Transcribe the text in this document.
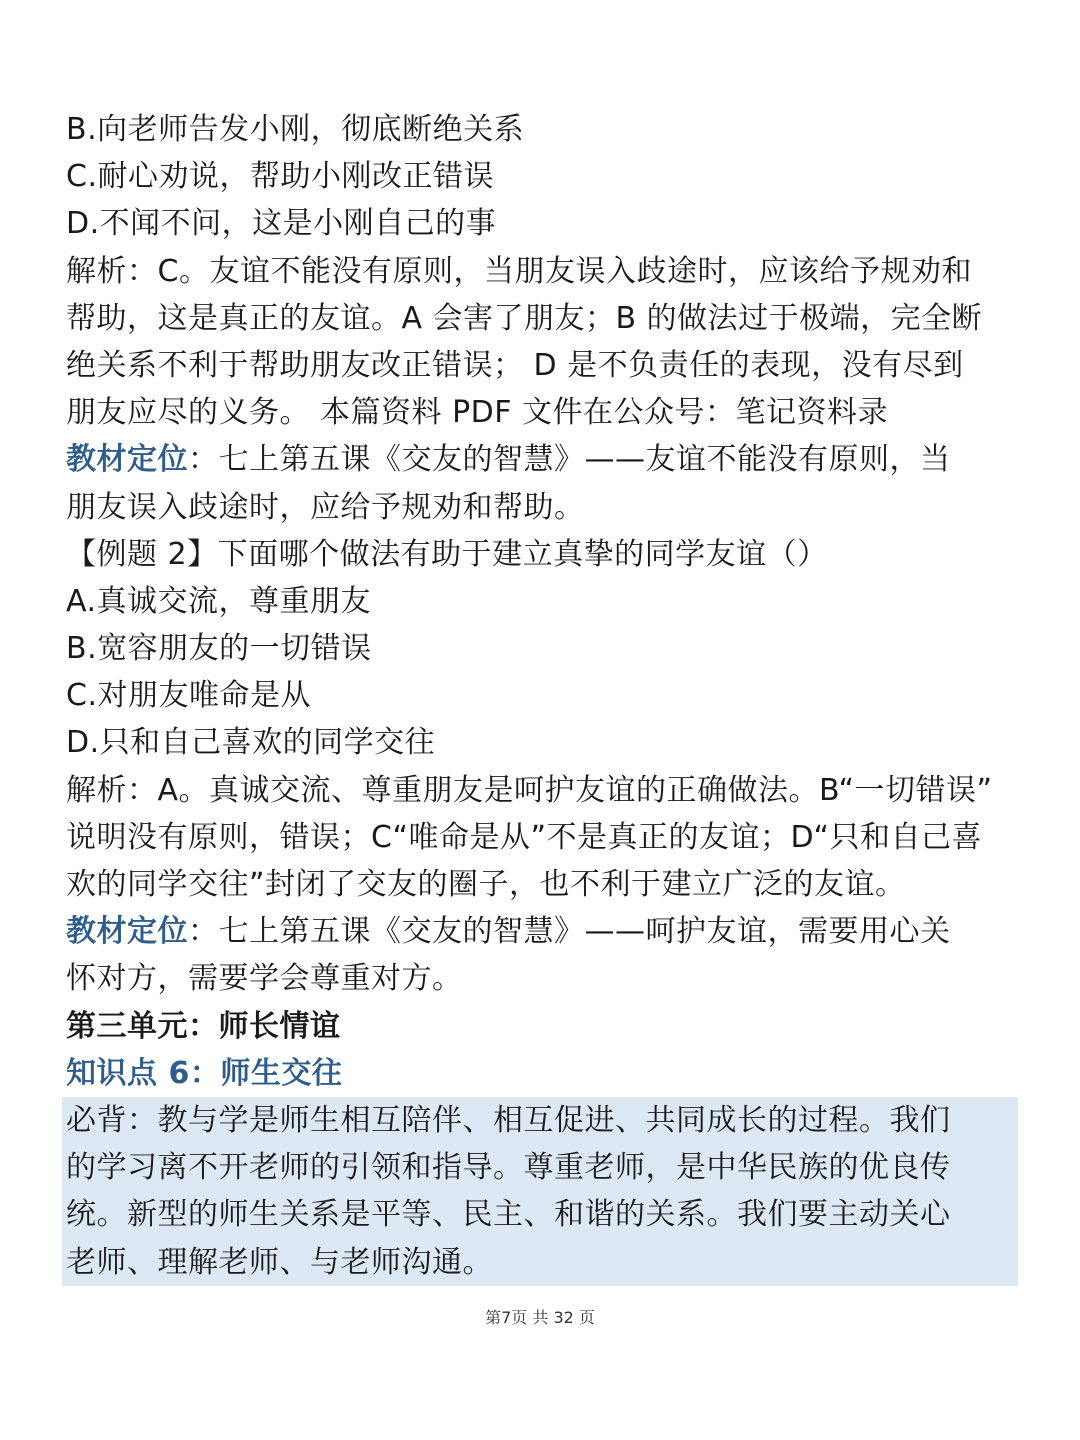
B.向老师告发小刚，彻底断绝关系
C.耐心劝说，帮助小刚改正错误
D.不闻不问，这是小刚自己的事
解析：C。友谊不能没有原则，当朋友误入歧途时，应该给予规劝和
帮助，这是真正的友谊。A 会害了朋友；B 的做法过于极端，完全断
绝关系不利于帮助朋友改正错误； D 是不负责任的表现，没有尽到
朋友应尽的义务。 本篇资料 PDF 文件在公众号：笔记资料录
教材定位：七上第五课《交友的智慧》——友谊不能没有原则，当
朋友误入歧途时，应给予规劝和帮助。
【例题 2】下面哪个做法有助于建立真挚的同学友谊（）
A.真诚交流，尊重朋友
B.宽容朋友的一切错误
C.对朋友唯命是从
D.只和自己喜欢的同学交往
解析：A。真诚交流、尊重朋友是呵护友谊的正确做法。B“一切错误”
说明没有原则，错误；C“唯命是从”不是真正的友谊；D“只和自己喜
欢的同学交往”封闭了交友的圈子，也不利于建立广泛的友谊。
教材定位：七上第五课《交友的智慧》——呵护友谊，需要用心关
怀对方，需要学会尊重对方。
第三单元：师长情谊
知识点 6：师生交往
必背：教与学是师生相互陪伴、相互促进、共同成长的过程。我们
的学习离不开老师的引领和指导。尊重老师，是中华民族的优良传
统。新型的师生关系是平等、民主、和谐的关系。我们要主动关心
老师、理解老师、与老师沟通。
第7页 共 32 页
